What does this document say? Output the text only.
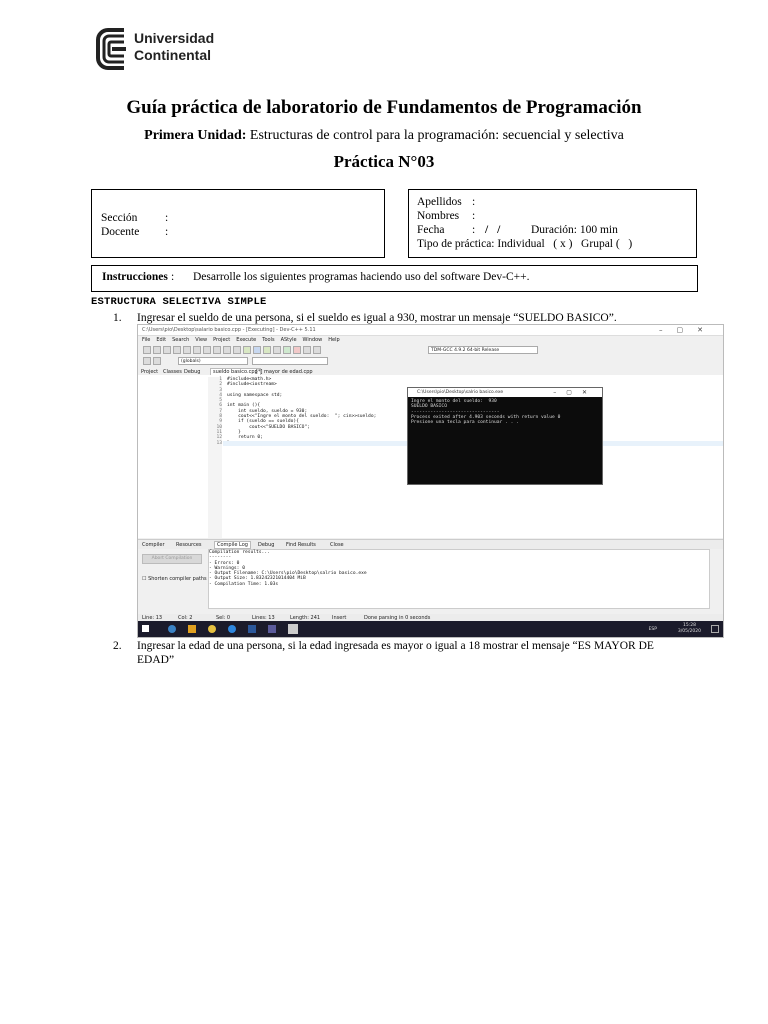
Universidad
Continental
Guía práctica de laboratorio de Fundamentos de Programación
Primera Unidad: Estructuras de control para la programación: secuencial y selectiva
Práctica N°03
Sección :
Docente :
Apellidos :
Nombres :
Fecha : / /	Duración: 100 min
Tipo de práctica: Individual   ( x )   Grupal (   )
Instrucciones : Desarrolle los siguientes programas haciendo uso del software Dev-C++.
ESTRUCTURA SELECTIVA SIMPLE
1. Ingresar el sueldo de una persona, si el sueldo es igual a 930, mostrar un mensaje “SUELDO BASICO”.
C:\Users\pio\Desktop\salario basico.cpp - [Executing] - Dev-C++ 5.11	–▢✕
File Edit Search View Project Execute Tools AStyle Window Help
TDM-GCC 4.9.2 64-bit Release
(globals)
Project Classes Debug	sueldo basico.cpp
[*] mayor de edad.cpp
1
2
3
4
5
6
7
8
9
10
11
12
13
#include<math.h>
#include<iostream>

using namespace std;

int main (){
int sueldo, sueldo = 930;
cout<<"Ingre el monto del sueldo:  "; cin>>sueldo;
if (sueldo == sueldo){
cout<<"SUELDO BASICO";
}
return 0;

C:\Users\pio\Desktop\salrio basico.exe	–▢✕
Ingre el monto del sueldo:  930
SUELDO BASICO
--------------------------------
Process exited after 4.903 seconds with return value 0
Presione una tecla para continuar . . .
Compiler Resources	Compile Log	Debug Find Results	Close
Abort Compilation
☐ Shorten compiler paths
Compilation results...
--------
- Errors: 0
- Warnings: 0
- Output Filename: C:\Users\pio\Desktop\salrio basico.exe
- Output Size: 1.83242321014404 MiB
- Compilation Time: 1.03s
Line: 13	Col: 2	Sel: 0	Lines: 13	Length: 241 Insert	Done parsing in 0 seconds
ESP
15:28
3/05/2020
2. Ingresar la edad de una persona, si la edad ingresada es mayor o igual a 18 mostrar el mensaje “ES MAYOR DE EDAD”
